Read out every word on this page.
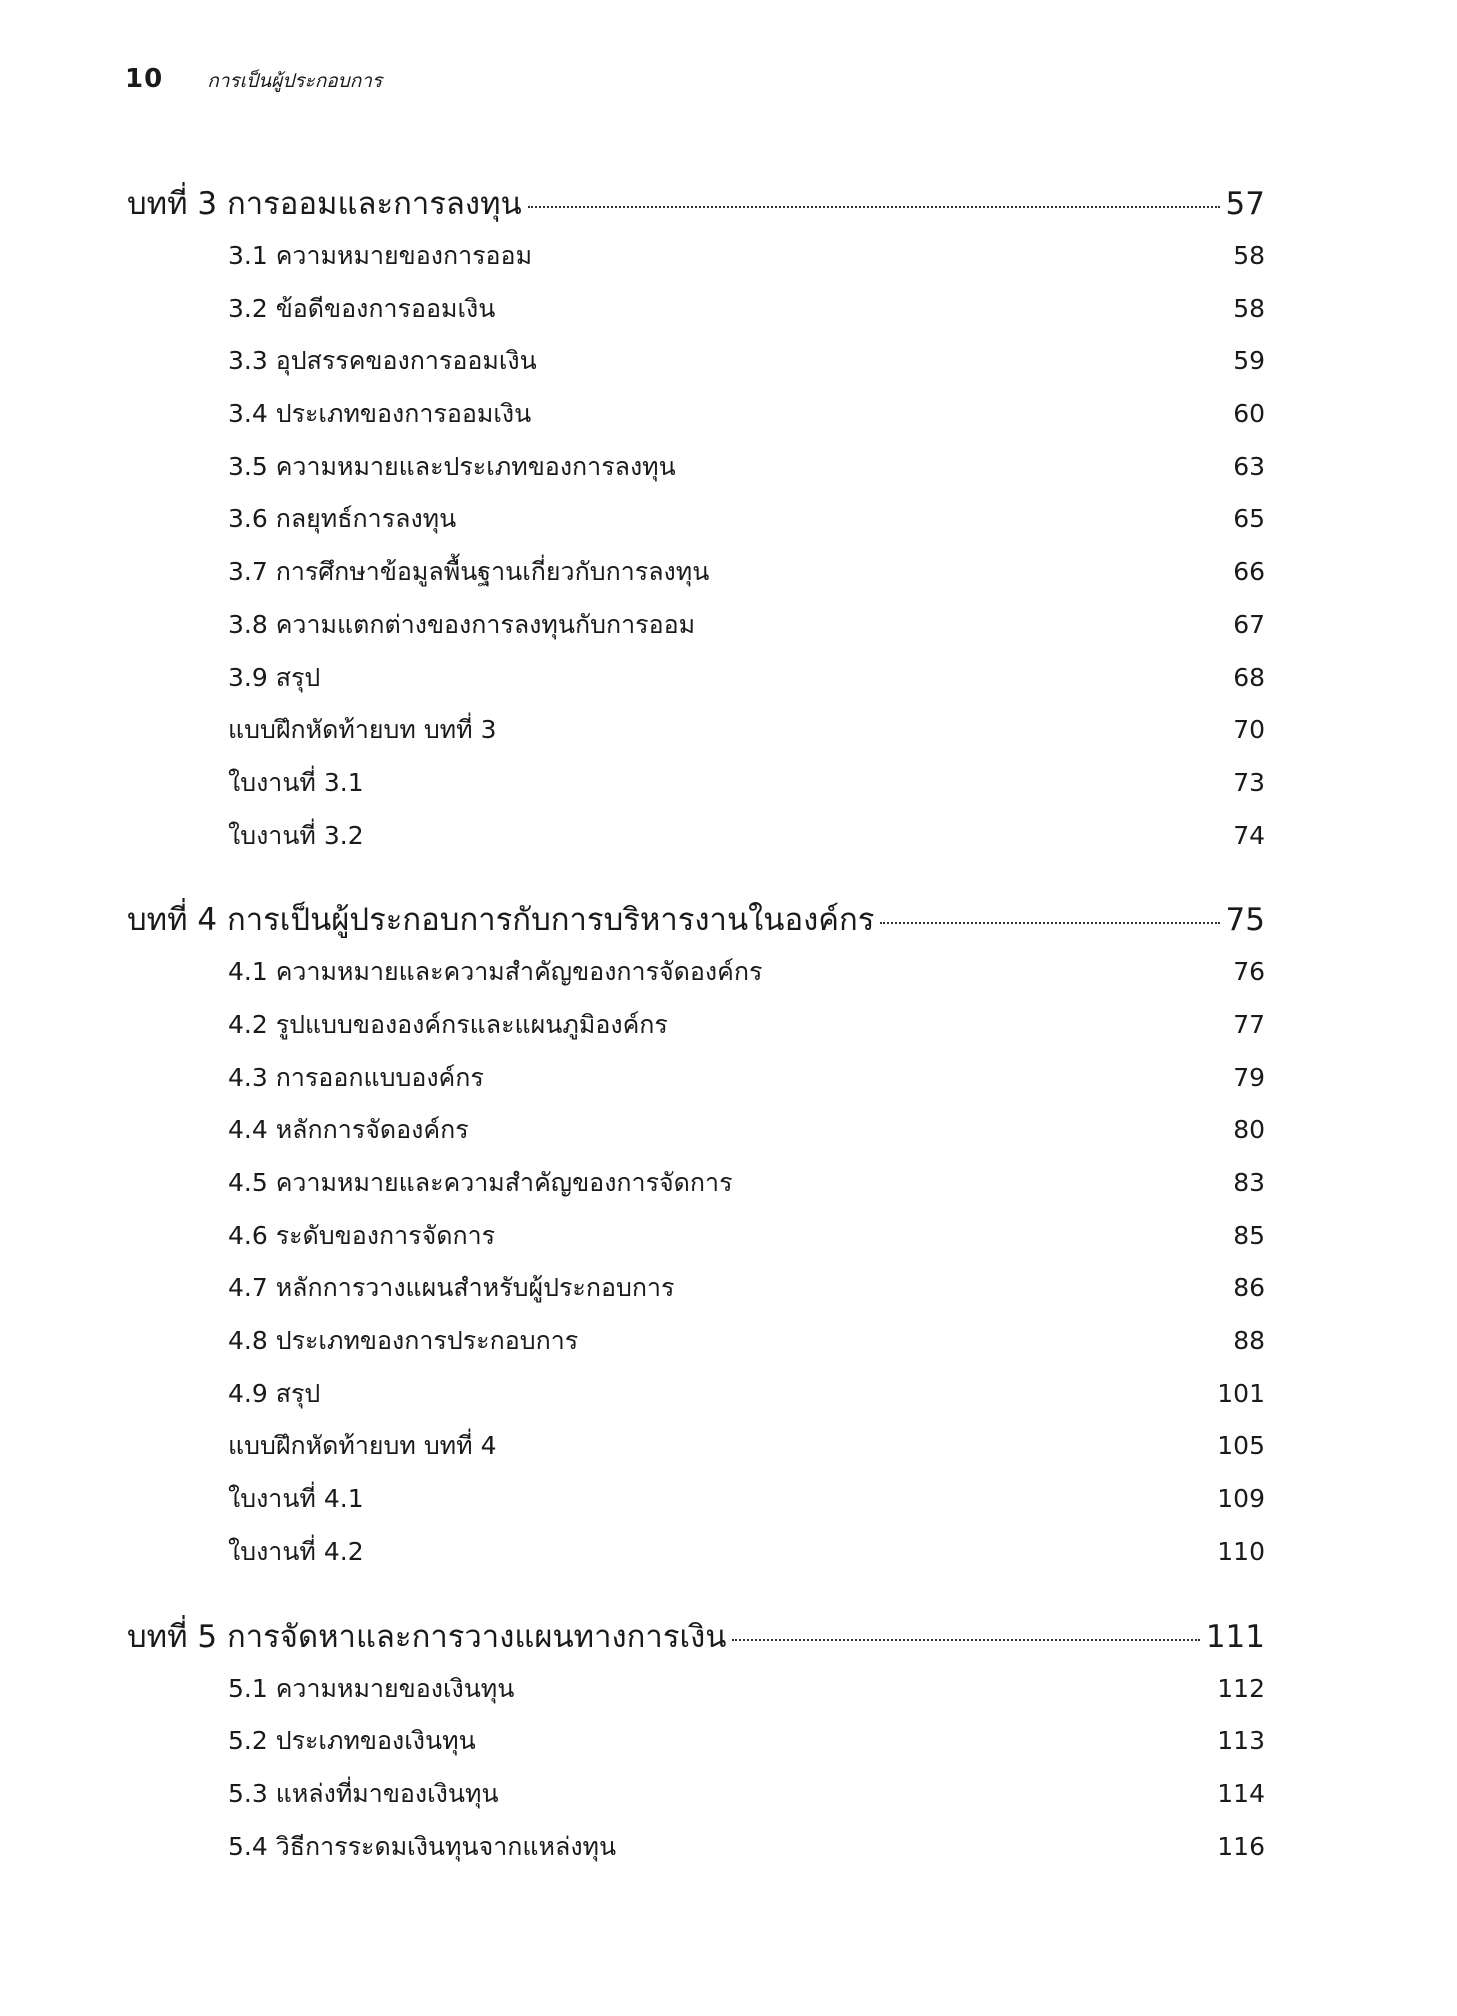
10 การเป็นผู้ประกอบการ
บทที่ 3 การออมและการลงทุน	57
3.1 ความหมายของการออม	58
3.2 ข้อดีของการออมเงิน	58
3.3 อุปสรรคของการออมเงิน	59
3.4 ประเภทของการออมเงิน	60
3.5 ความหมายและประเภทของการลงทุน	63
3.6 กลยุทธ์การลงทุน	65
3.7 การศึกษาข้อมูลพื้นฐานเกี่ยวกับการลงทุน	66
3.8 ความแตกต่างของการลงทุนกับการออม	67
3.9 สรุป	68
แบบฝึกหัดท้ายบท บทที่ 3	70
ใบงานที่ 3.1	73
ใบงานที่ 3.2	74
บทที่ 4 การเป็นผู้ประกอบการกับการบริหารงานในองค์กร	75
4.1 ความหมายและความสำคัญของการจัดองค์กร	76
4.2 รูปแบบขององค์กรและแผนภูมิองค์กร	77
4.3 การออกแบบองค์กร	79
4.4 หลักการจัดองค์กร	80
4.5 ความหมายและความสำคัญของการจัดการ	83
4.6 ระดับของการจัดการ	85
4.7 หลักการวางแผนสำหรับผู้ประกอบการ	86
4.8 ประเภทของการประกอบการ	88
4.9 สรุป	101
แบบฝึกหัดท้ายบท บทที่ 4	105
ใบงานที่ 4.1	109
ใบงานที่ 4.2	110
บทที่ 5 การจัดหาและการวางแผนทางการเงิน	111
5.1 ความหมายของเงินทุน	112
5.2 ประเภทของเงินทุน	113
5.3 แหล่งที่มาของเงินทุน	114
5.4 วิธีการระดมเงินทุนจากแหล่งทุน	116
